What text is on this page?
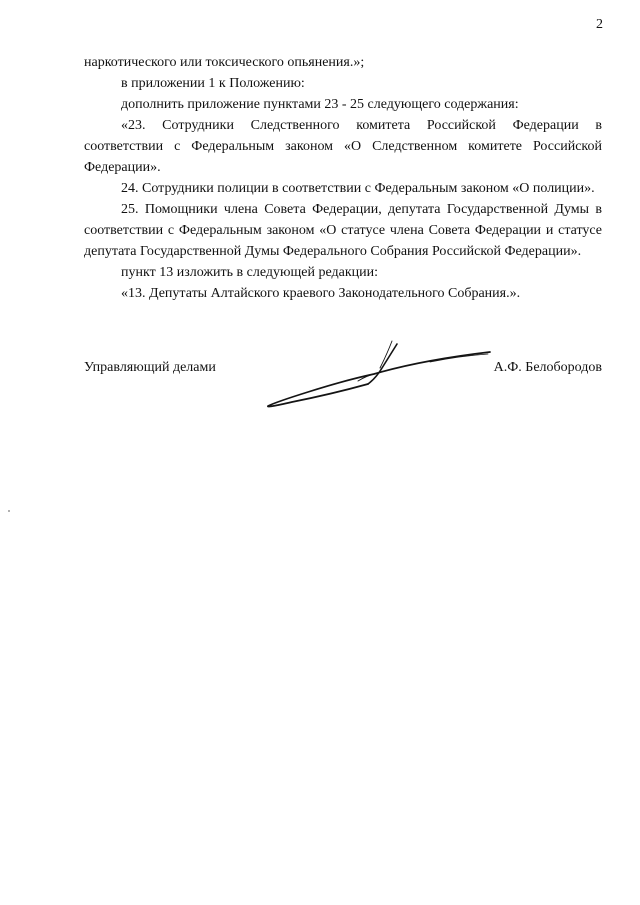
2

наркотического или токсического опьянения.»;

в приложении 1 к Положению:

дополнить приложение пунктами 23 - 25 следующего содержания:

«23. Сотрудники Следственного комитета Российской Федерации в соответствии с Федеральным законом «О Следственном комитете Российской Федерации».

24. Сотрудники полиции в соответствии с Федеральным законом «О полиции».

25. Помощники члена Совета Федерации, депутата Государственной Думы в соответствии с Федеральным законом «О статусе члена Совета Федерации и статусе депутата Государственной Думы Федерального Собрания Российской Федерации».

пункт 13 изложить в следующей редакции:

«13. Депутаты Алтайского краевого Законодательного Собрания.».

Управляющий делами	А.Ф. Белобородов
